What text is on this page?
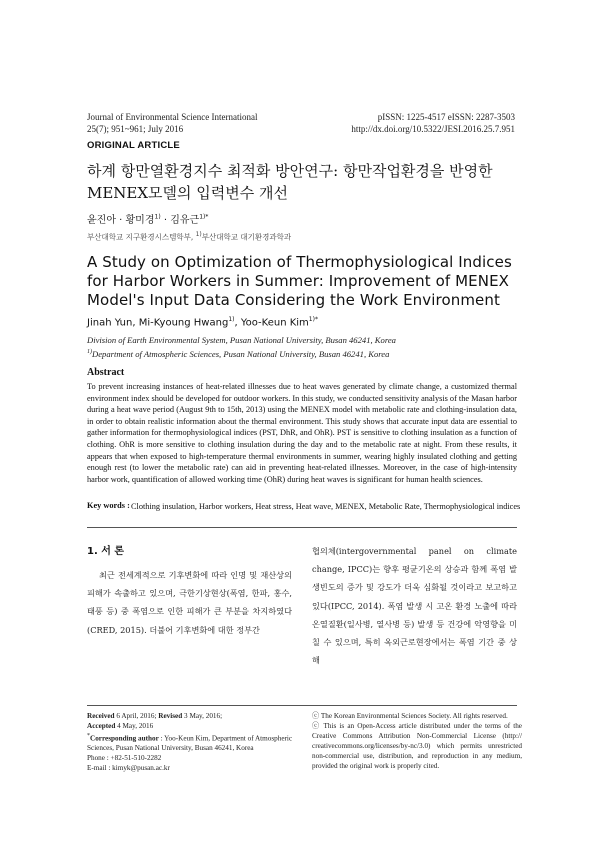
Journal of Environmental Science International
25(7); 951~961; July 2016
pISSN: 1225-4517 eISSN: 2287-3503
http://dx.doi.org/10.5322/JESI.2016.25.7.951
ORIGINAL ARTICLE
하계 항만열환경지수 최적화 방안연구: 항만작업환경을 반영한
MENEX모델의 입력변수 개선
윤진아 · 황미경$^{1)}$ · 김유근$^{1)*}$
부산대학교 지구환경시스템학부, $^{1)}$부산대학교 대기환경과학과
A Study on Optimization of Thermophysiological Indices for Harbor Workers in Summer: Improvement of MENEX Model's Input Data Considering the Work Environment
Jinah Yun, Mi-Kyoung Hwang$^{1)}$, Yoo-Keun Kim$^{1)*}$
Division of Earth Environmental System, Pusan National University, Busan 46241, Korea
$^{1)}$Department of Atmospheric Sciences, Pusan National University, Busan 46241, Korea
Abstract
To prevent increasing instances of heat-related illnesses due to heat waves generated by climate change, a customized thermal environment index should be developed for outdoor workers. In this study, we conducted sensitivity analysis of the Masan harbor during a heat wave period (August 9th to 15th, 2013) using the MENEX model with metabolic rate and clothing-insulation data, in order to obtain realistic information about the thermal environment. This study shows that accurate input data are essential to gather information for thermophysiological indices (PST, DhR, and OhR). PST is sensitive to clothing insulation as a function of clothing. OhR is more sensitive to clothing insulation during the day and to the metabolic rate at night. From these results, it appears that when exposed to high-temperature thermal environments in summer, wearing highly insulated clothing and getting enough rest (to lower the metabolic rate) can aid in preventing heat-related illnesses. Moreover, in the case of high-intensity harbor work, quantification of allowed working time (OhR) during heat waves is significant for human health sciences.
Key words : Clothing insulation, Harbor workers, Heat stress, Heat wave, MENEX, Metabolic Rate, Thermophysiological indices
1. 서 론
최근 전세계적으로 기후변화에 따라 인명 및 재산상의 피해가 속출하고 있으며, 극한기상현상(폭염, 한파, 홍수, 태풍 등) 중 폭염으로 인한 피해가 큰 부분을 차지하였다(CRED, 2015). 더불어 기후변화에 대한 정부간
협의체(intergovernmental panel on climate change, IPCC)는 향후 평균기온의 상승과 함께 폭염 발생빈도의 증가 및 강도가 더욱 심화될 것이라고 보고하고 있다(IPCC, 2014). 폭염 발생 시 고온 환경 노출에 따라 온열질환(일사병, 열사병 등) 발생 등 건강에 악영향을 미칠 수 있으며, 특히 옥외근로현장에서는 폭염 기간 중 상해
Received 6 April, 2016; Revised 3 May, 2016;
Accepted 4 May, 2016
*Corresponding author : Yoo-Keun Kim, Department of Atmospheric Sciences, Pusan National University, Busan 46241, Korea
Phone : +82-51-510-2282
E-mail : kimyk@pusan.ac.kr
ⓒ The Korean Environmental Sciences Society. All rights reserved.
ⓒ This is an Open-Access article distributed under the terms of the Creative Commons Attribution Non-Commercial License (http:// creativecommons.org/licenses/by-nc/3.0) which permits unrestricted non-commercial use, distribution, and reproduction in any medium, provided the original work is properly cited.
